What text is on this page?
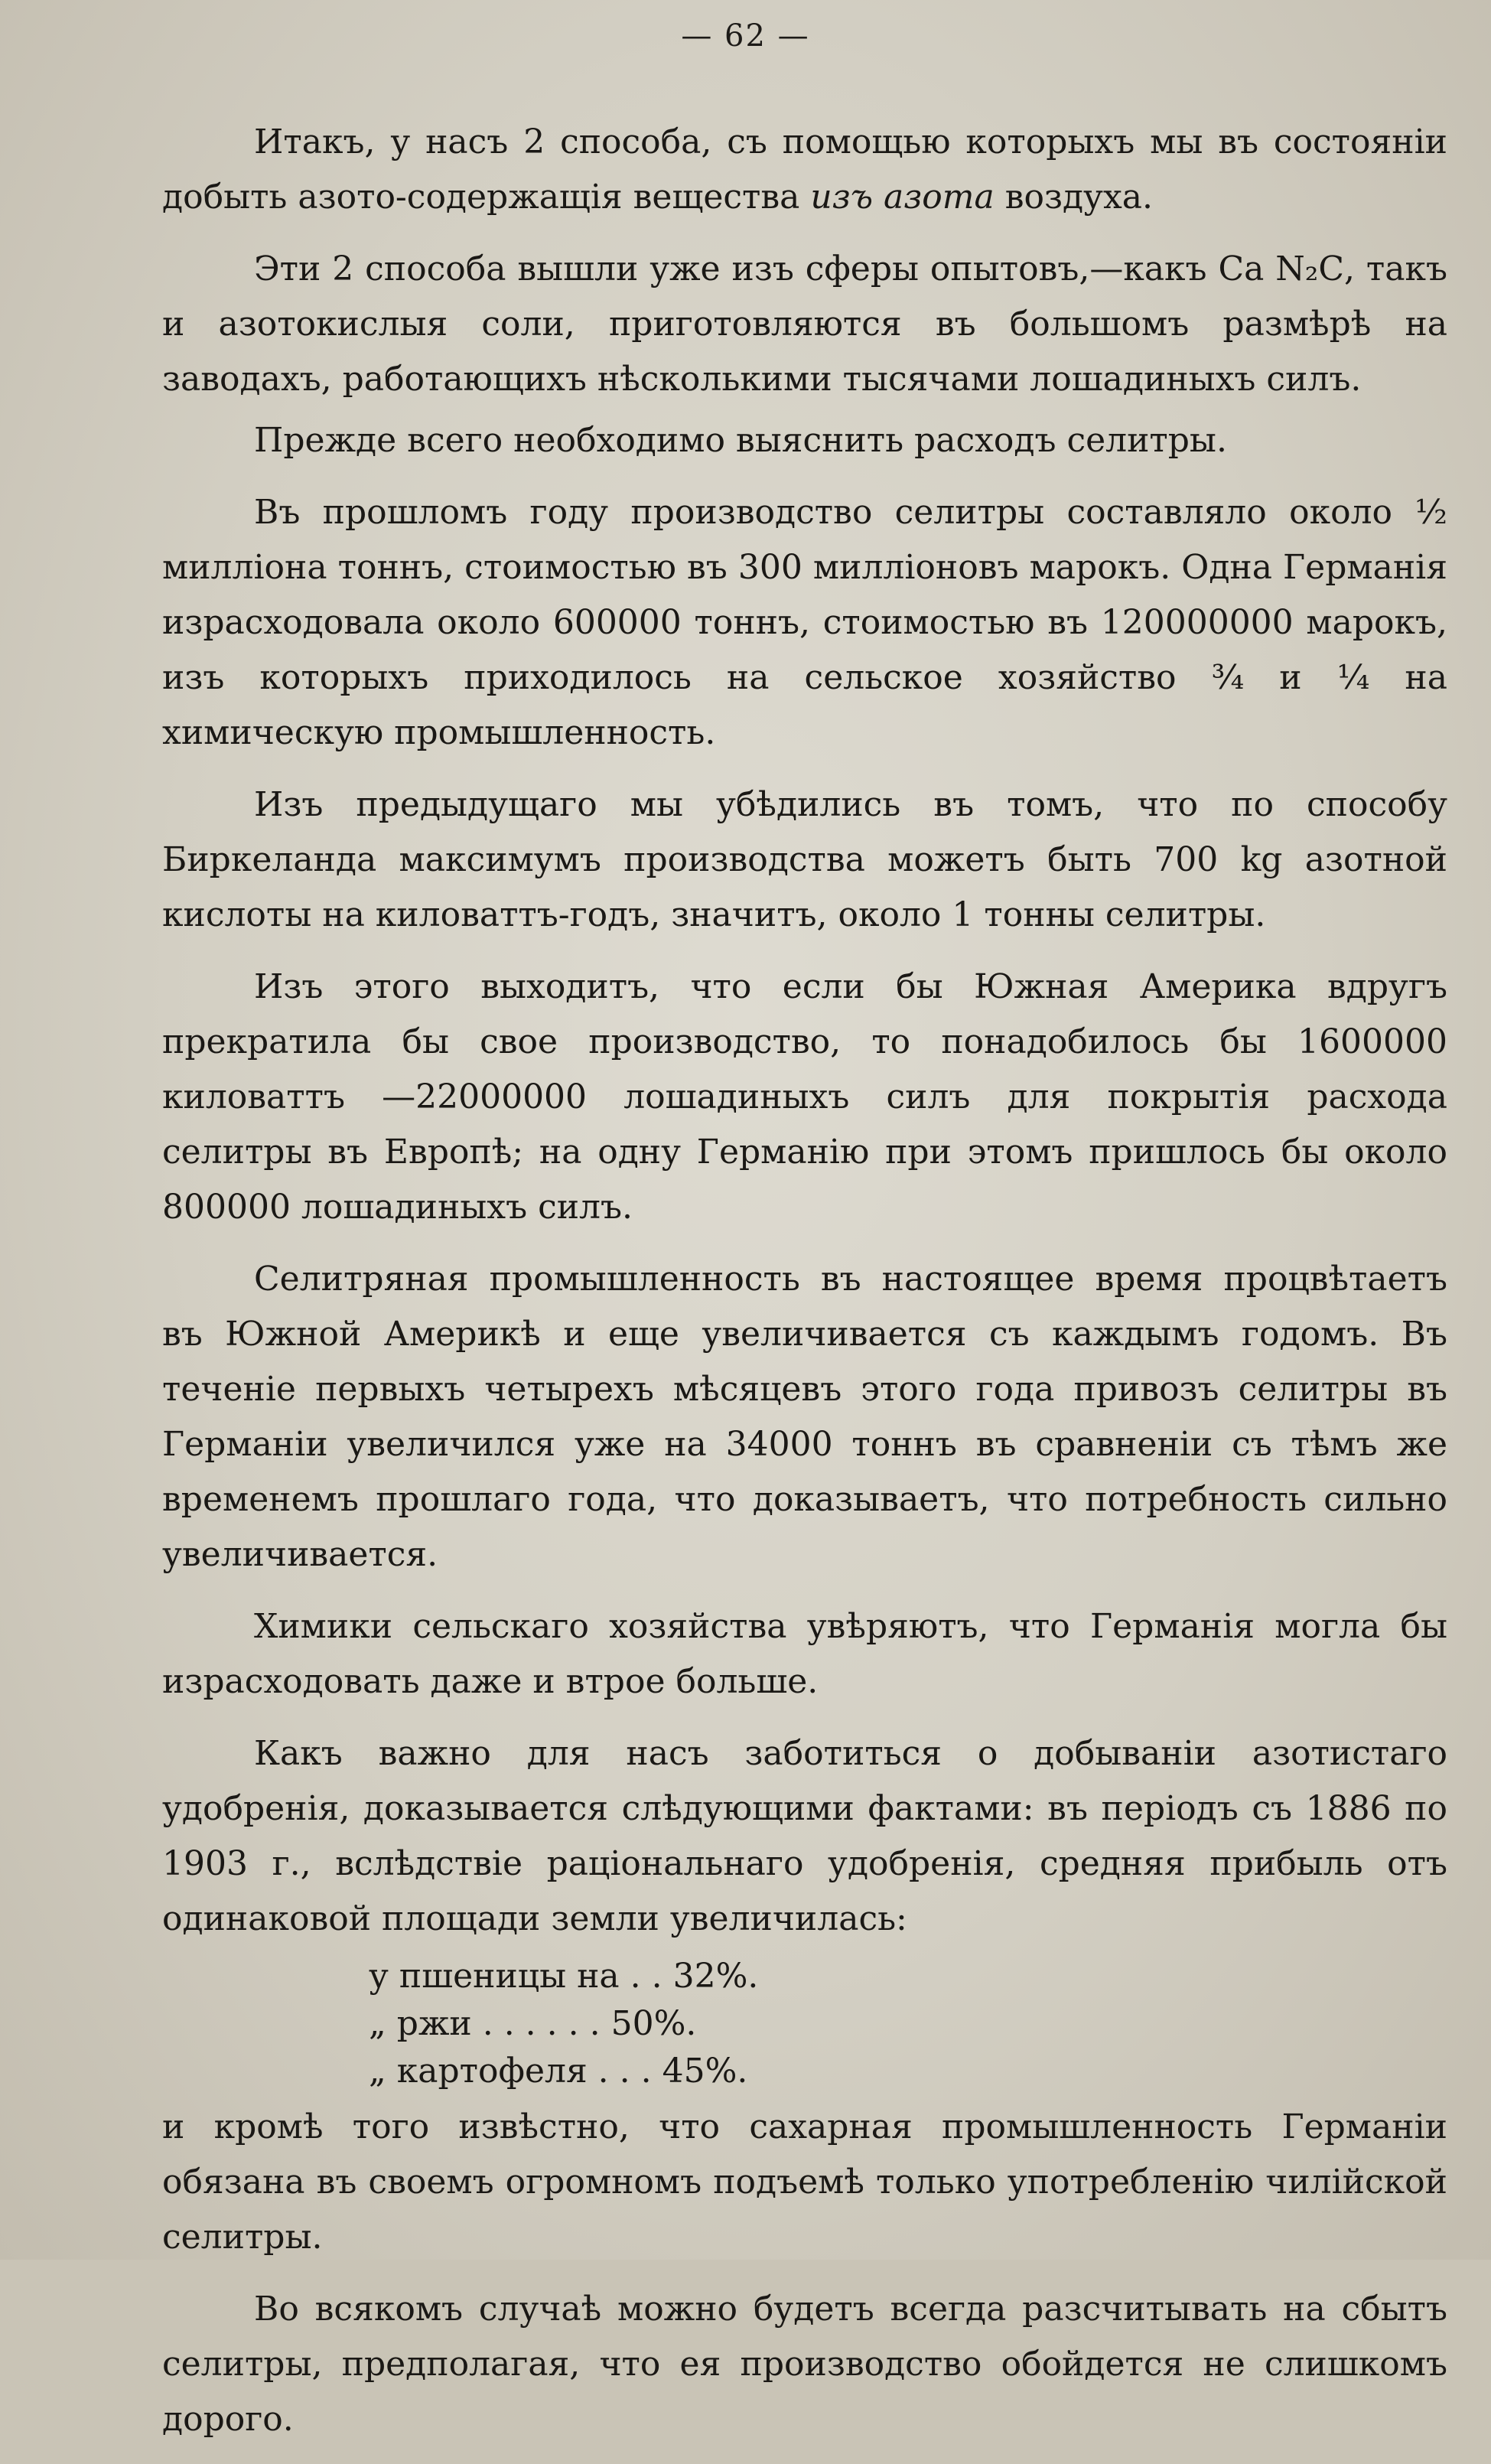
— 62 —

Итакъ, у насъ 2 способа, съ помощью которыхъ мы въ состоянiи добыть азото-содержащiя вещества изъ азота воздуха.

Эти 2 способа вышли уже изъ сферы опытовъ,—какъ Са N₂С, такъ и азотокислыя соли, приготовляются въ большомъ размѣрѣ на заводахъ, работающихъ нѣсколькими тысячами лошадиныхъ силъ.

Прежде всего необходимо выяснить расходъ селитры.

Въ прошломъ году производство селитры составляло около ½ миллiона тоннъ, стоимостью въ 300 миллiоновъ марокъ. Одна Германiя израсходовала около 600000 тоннъ, стоимостью въ 120000000 марокъ, изъ которыхъ приходилось на сельское хозяйство ¾ и ¼ на химическую промышленность.

Изъ предыдущаго мы убѣдились въ томъ, что по способу Биркеланда максимумъ производства можетъ быть 700 kg азотной кислоты на киловаттъ-годъ, значитъ, около 1 тонны селитры.

Изъ этого выходитъ, что если бы Южная Америка вдругъ прекратила бы свое производство, то понадобилось бы 1600000 киловаттъ —22000000 лошадиныхъ силъ для покрытiя расхода селитры въ Европѣ; на одну Германiю при этомъ пришлось бы около 800000 лошадиныхъ силъ.

Селитряная промышленность въ настоящее время процвѣтаетъ въ Южной Америкѣ и еще увеличивается съ каждымъ годомъ. Въ теченiе первыхъ четырехъ мѣсяцевъ этого года привозъ селитры въ Германiи увеличился уже на 34000 тоннъ въ сравненiи съ тѣмъ же временемъ прошлаго года, что доказываетъ, что потребность сильно увеличивается.

Химики сельскаго хозяйства увѣряютъ, что Германiя могла бы израсходовать даже и втрое больше.

Какъ важно для насъ заботиться о добыванiи азотистаго удобренiя, доказывается слѣдующими фактами: въ перiодъ съ 1886 по 1903 г., вслѣдствiе рацiональнаго удобренiя, средняя прибыль отъ одинаковой площади земли увеличилась:

у пшеницы на . . 32%.
„ ржи . . . . . . 50%.
„ картофеля . . . 45%.

и кромѣ того извѣстно, что сахарная промышленность Германiи обязана въ своемъ огромномъ подъемѣ только употребленiю чилiйской селитры.

Во всякомъ случаѣ можно будетъ всегда разсчитывать на сбытъ селитры, предполагая, что ея производство обойдется не слишкомъ дорого.
